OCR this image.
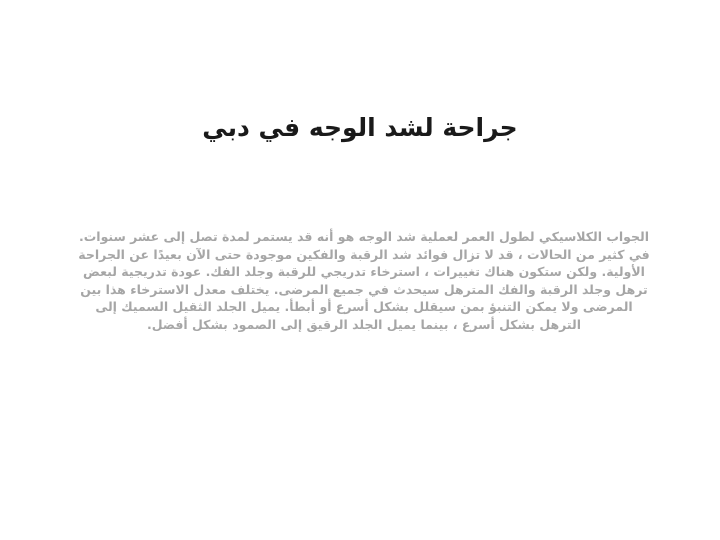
جراحة لشد الوجه في دبي

الجواب الكلاسيكي لطول العمر لعملية شد الوجه هو أنه قد يستمر لمدة تصل إلى عشر سنوات. في كثير من الحالات ، قد لا تزال فوائد شد الرقبة والفكين موجودة حتى الآن بعيدًا عن الجراحة الأولية. ولكن ستكون هناك تغييرات ، استرخاء تدريجي للرقبة وجلد الفك. عودة تدريجية لبعض ترهل وجلد الرقبة والفك المترهل سيحدث في جميع المرضى. يختلف معدل الاسترخاء هذا بين المرضى ولا يمكن التنبؤ بمن سيقلل بشكل أسرع أو أبطأ. يميل الجلد الثقيل السميك إلى الترهل بشكل أسرع ، بينما يميل الجلد الرقيق إلى الصمود بشكل أفضل.
